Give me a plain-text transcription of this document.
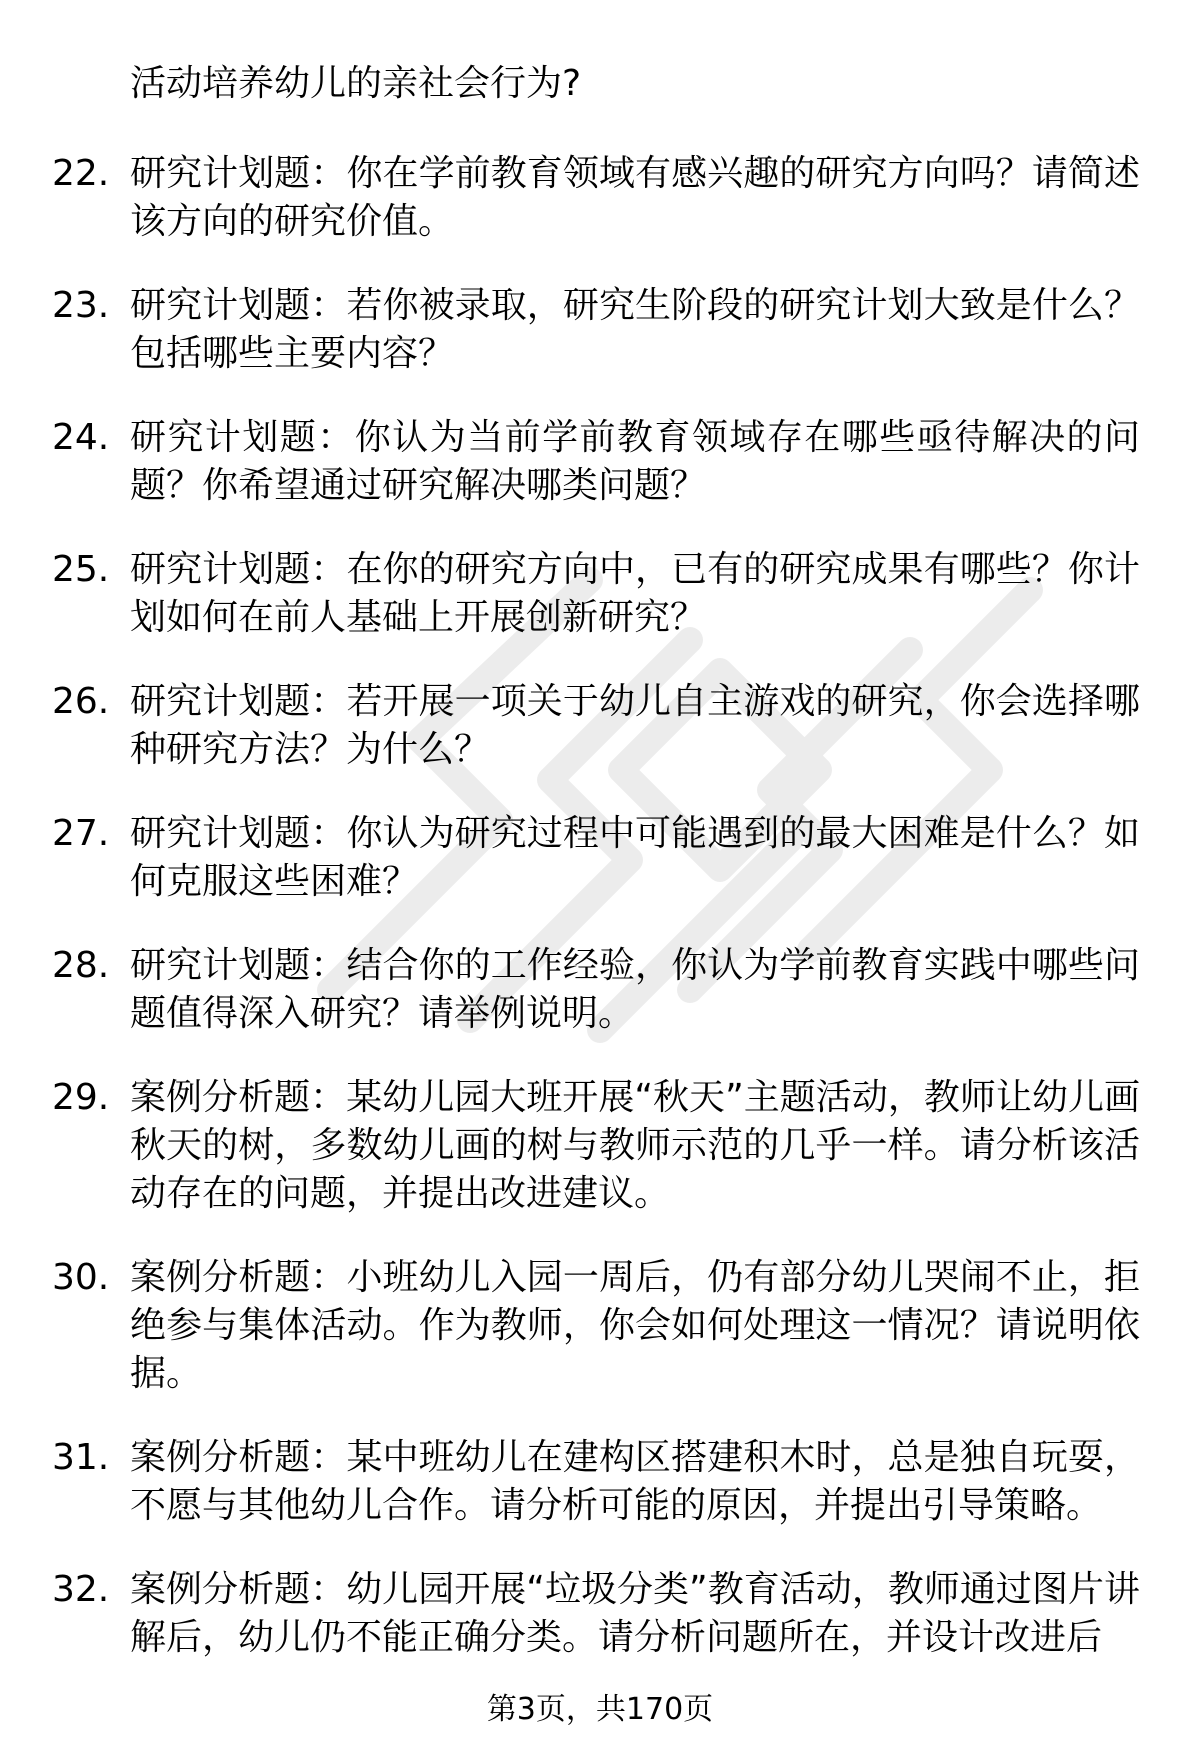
活动培养幼儿的亲社会行为?
22. 研究计划题：你在学前教育领域有感兴趣的研究方向吗？请简述该方向的研究价值。
23. 研究计划题：若你被录取，研究生阶段的研究计划大致是什么？包括哪些主要内容？
24. 研究计划题：你认为当前学前教育领域存在哪些亟待解决的问题？你希望通过研究解决哪类问题？
25. 研究计划题：在你的研究方向中，已有的研究成果有哪些？你计划如何在前人基础上开展创新研究？
26. 研究计划题：若开展一项关于幼儿自主游戏的研究，你会选择哪种研究方法？为什么？
27. 研究计划题：你认为研究过程中可能遇到的最大困难是什么？如何克服这些困难？
28. 研究计划题：结合你的工作经验，你认为学前教育实践中哪些问题值得深入研究？请举例说明。
29. 案例分析题：某幼儿园大班开展“秋天”主题活动，教师让幼儿画秋天的树，多数幼儿画的树与教师示范的几乎一样。请分析该活动存在的问题，并提出改进建议。
30. 案例分析题：小班幼儿入园一周后，仍有部分幼儿哭闹不止，拒绝参与集体活动。作为教师，你会如何处理这一情况？请说明依据。
31. 案例分析题：某中班幼儿在建构区搭建积木时，总是独自玩耍，不愿与其他幼儿合作。请分析可能的原因，并提出引导策略。
32. 案例分析题：幼儿园开展“垃圾分类”教育活动，教师通过图片讲解后，幼儿仍不能正确分类。请分析问题所在，并设计改进后
第3页，共170页
